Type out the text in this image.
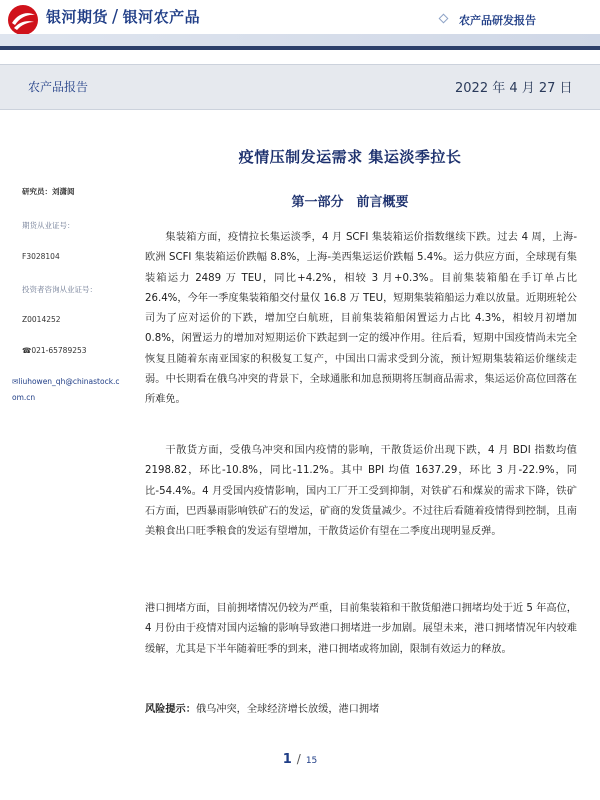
银河期货 / 银河农产品	农产品研发报告
农产品报告	2022 年 4 月 27 日
疫情压制发运需求 集运淡季拉长
第一部分　前言概要
研究员：刘潇阅
期货从业证号：
F3028104
投资者咨询从业证号：
Z0014252
☎021-65789253
✉liuhowen_qh@chinastock.com.cn
集装箱方面，疫情拉长集运淡季，4 月 SCFI 集装箱运价指数继续下跌。过去 4 周，上海-欧洲 SCFI 集装箱运价跌幅 8.8%，上海-美西集运运价跌幅 5.4%。运力供应方面，全球现有集装箱运力 2489 万 TEU，同比+4.2%，相较 3 月+0.3%。目前集装箱船在手订单占比 26.4%，今年一季度集装箱船交付量仅 16.8 万 TEU，短期集装箱船运力难以放量。近期班轮公司为了应对运价的下跌，增加空白航班，目前集装箱船闲置运力占比 4.3%，相较月初增加 0.8%，闲置运力的增加对短期运价下跌起到一定的缓冲作用。往后看，短期中国疫情尚未完全恢复且随着东南亚国家的积极复工复产，中国出口需求受到分流，预计短期集装箱运价继续走弱。中长期看在俄乌冲突的背景下，全球通胀和加息预期将压制商品需求，集运运价高位回落在所难免。
干散货方面，受俄乌冲突和国内疫情的影响，干散货运价出现下跌，4 月 BDI 指数均值 2198.82，环比-10.8%，同比-11.2%。其中 BPI 均值 1637.29，环比 3 月-22.9%，同比-54.4%。4 月受国内疫情影响，国内工厂开工受到抑制，对铁矿石和煤炭的需求下降，铁矿石方面，巴西暴雨影响铁矿石的发运，矿商的发货量减少。不过往后看随着疫情得到控制，且南美粮食出口旺季粮食的发运有望增加，干散货运价有望在二季度出现明显反弹。
港口拥堵方面，目前拥堵情况仍较为严重，目前集装箱和干散货船港口拥堵均处于近 5 年高位，4 月份由于疫情对国内运输的影响导致港口拥堵进一步加剧。展望未来，港口拥堵情况年内较难缓解，尤其是下半年随着旺季的到来，港口拥堵或将加剧，限制有效运力的释放。
风险提示：俄乌冲突，全球经济增长放缓，港口拥堵
1 / 15
